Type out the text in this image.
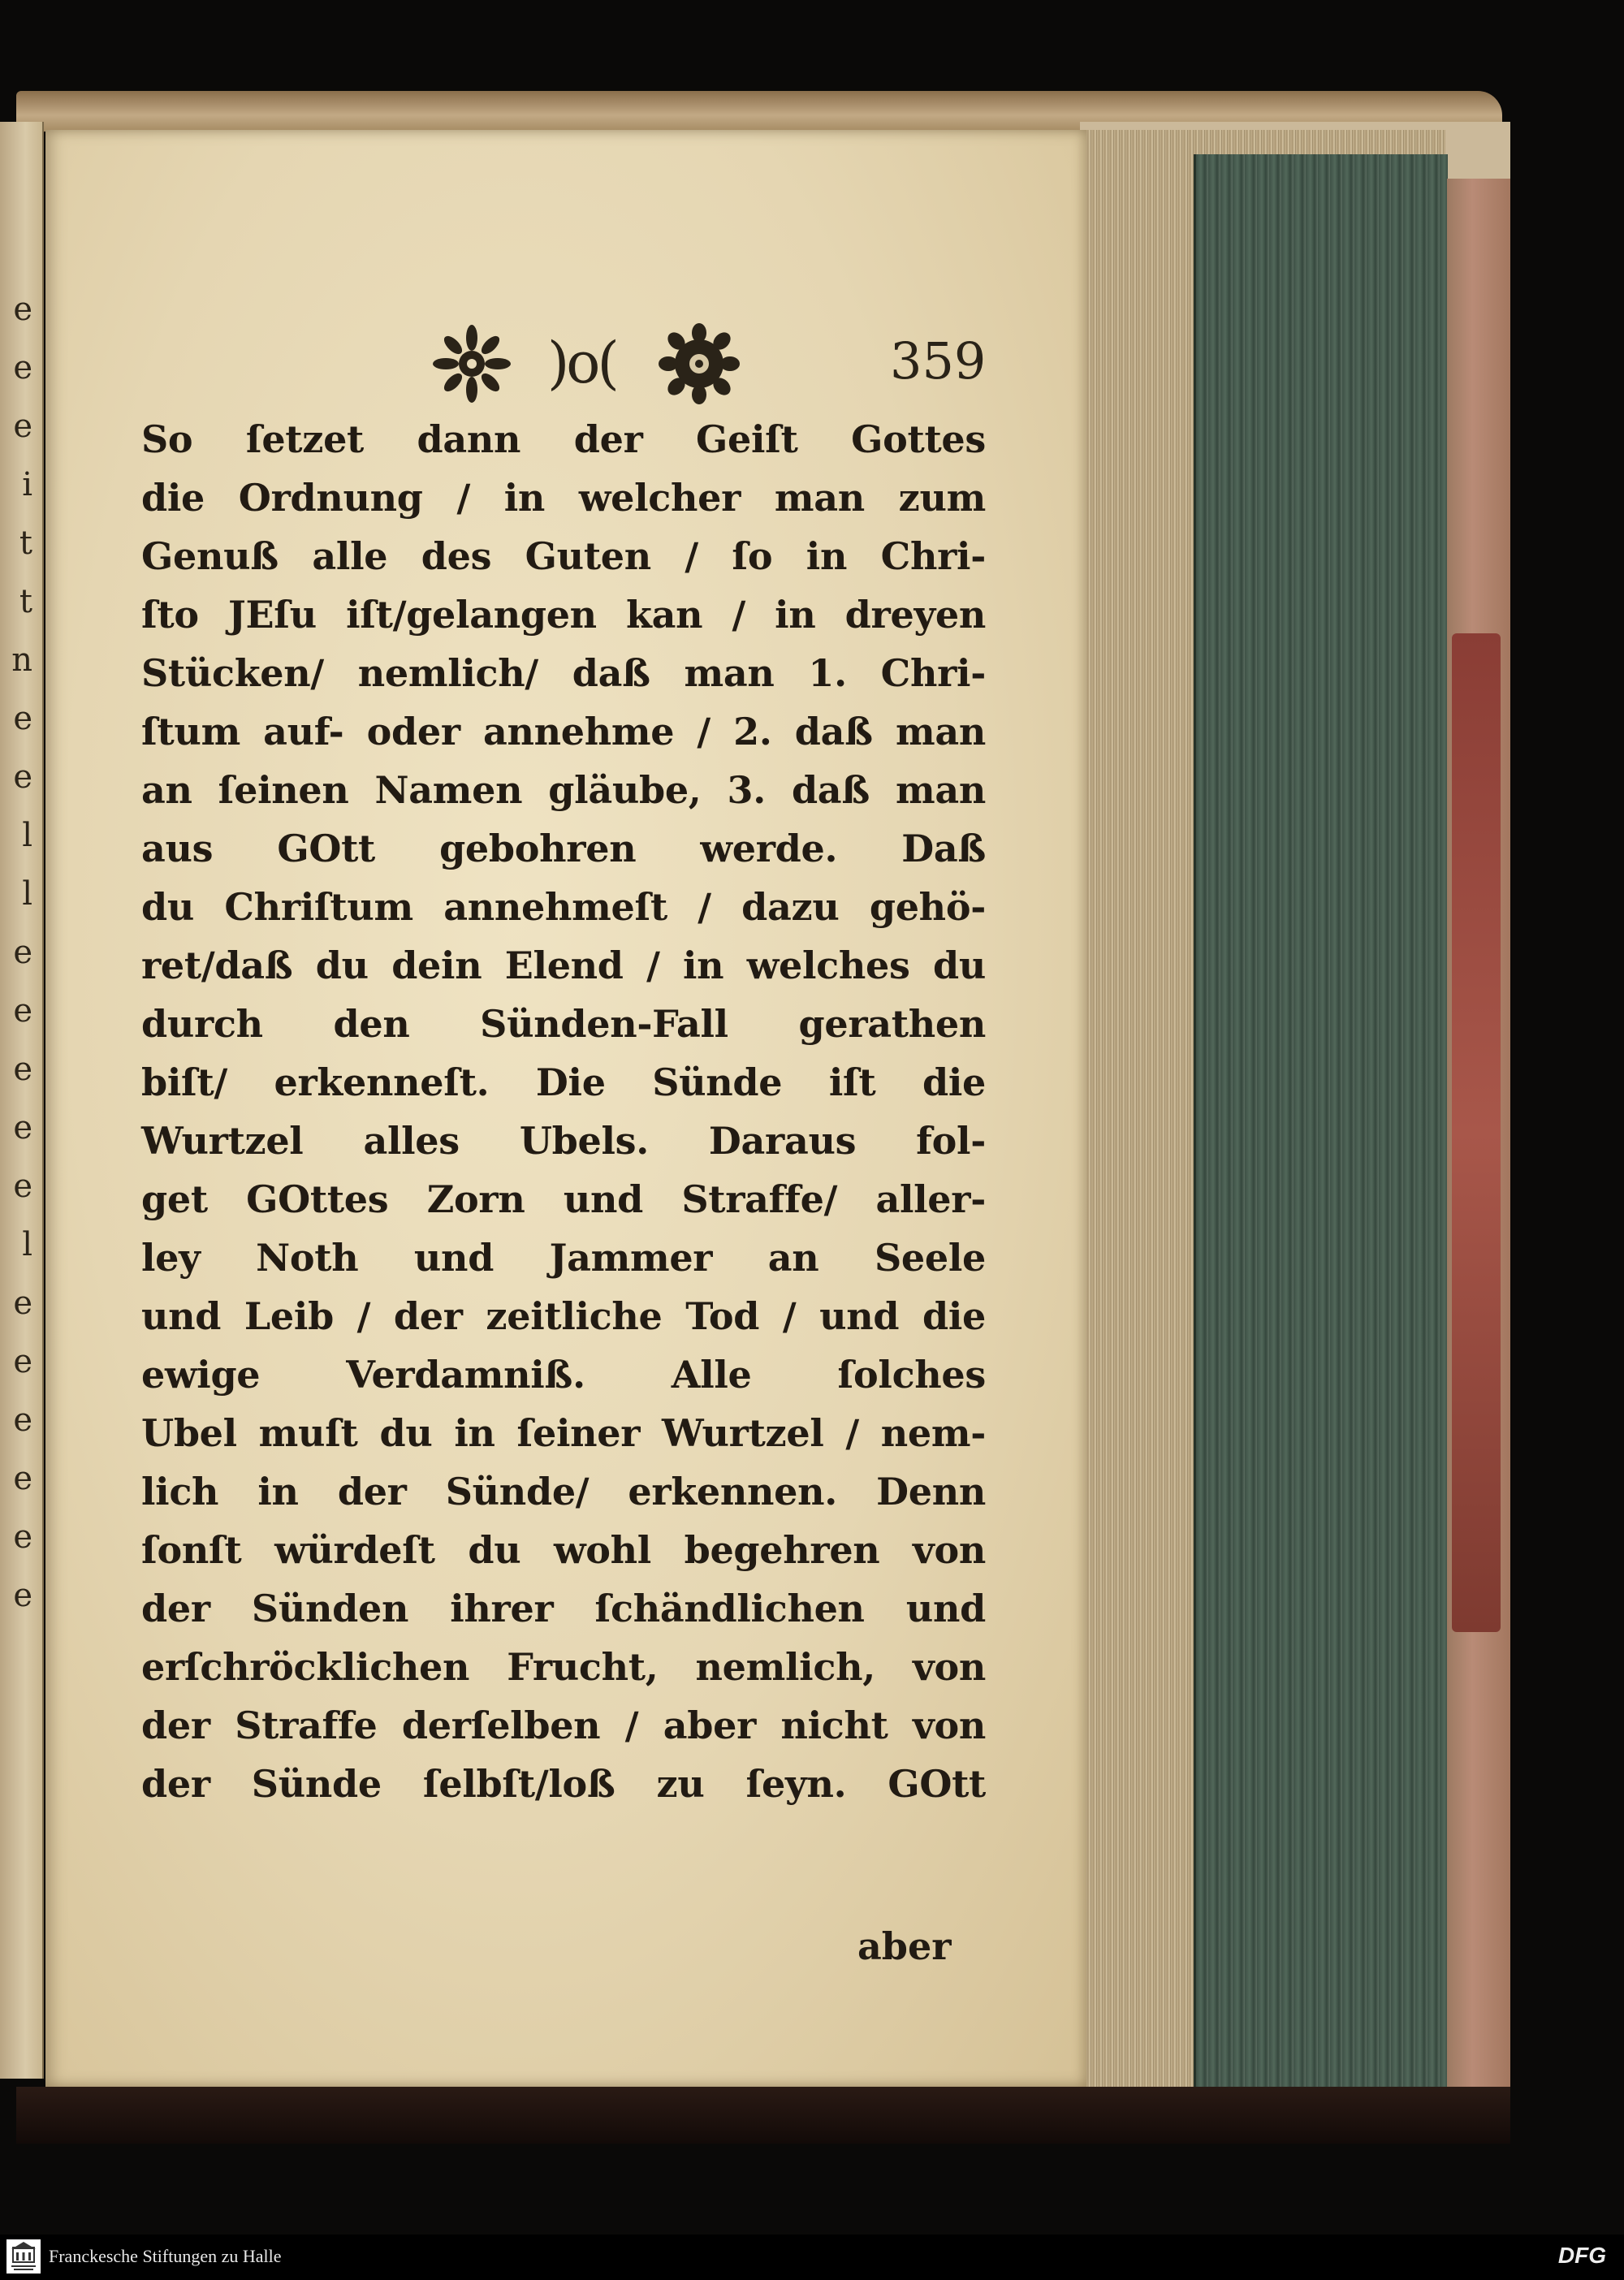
e
e
e
i
t
t
n
e
e
l
l
e
e
e
e
e
l
e
e
e
e
e
e
)o(	359
So ſetzet dann der Geiſt Gottes
die Ordnung / in welcher man zum
Genuß alle des Guten / ſo in Chri-
ſto JEſu iſt/gelangen kan / in dreyen
Stücken/ nemlich/ daß man 1. Chri-
ſtum auf- oder annehme / 2. daß man
an ſeinen Namen gläube, 3. daß man
aus GOtt gebohren werde. Daß
du Chriſtum annehmeſt / dazu gehö-
ret/daß du dein Elend / in welches du
durch den Sünden-Fall gerathen
biſt/ erkenneſt. Die Sünde iſt die
Wurtzel alles Ubels. Daraus fol-
get GOttes Zorn und Straffe/ aller-
ley Noth und Jammer an Seele
und Leib / der zeitliche Tod / und die
ewige Verdamniß. Alle ſolches
Ubel muſt du in ſeiner Wurtzel / nem-
lich in der Sünde/ erkennen. Denn
ſonſt würdeſt du wohl begehren von
der Sünden ihrer ſchändlichen und
erſchröcklichen Frucht, nemlich, von
der Straffe derſelben / aber nicht von
der Sünde ſelbſt/loß zu ſeyn. GOtt
aber
Franckesche Stiftungen zu Halle	DFG
